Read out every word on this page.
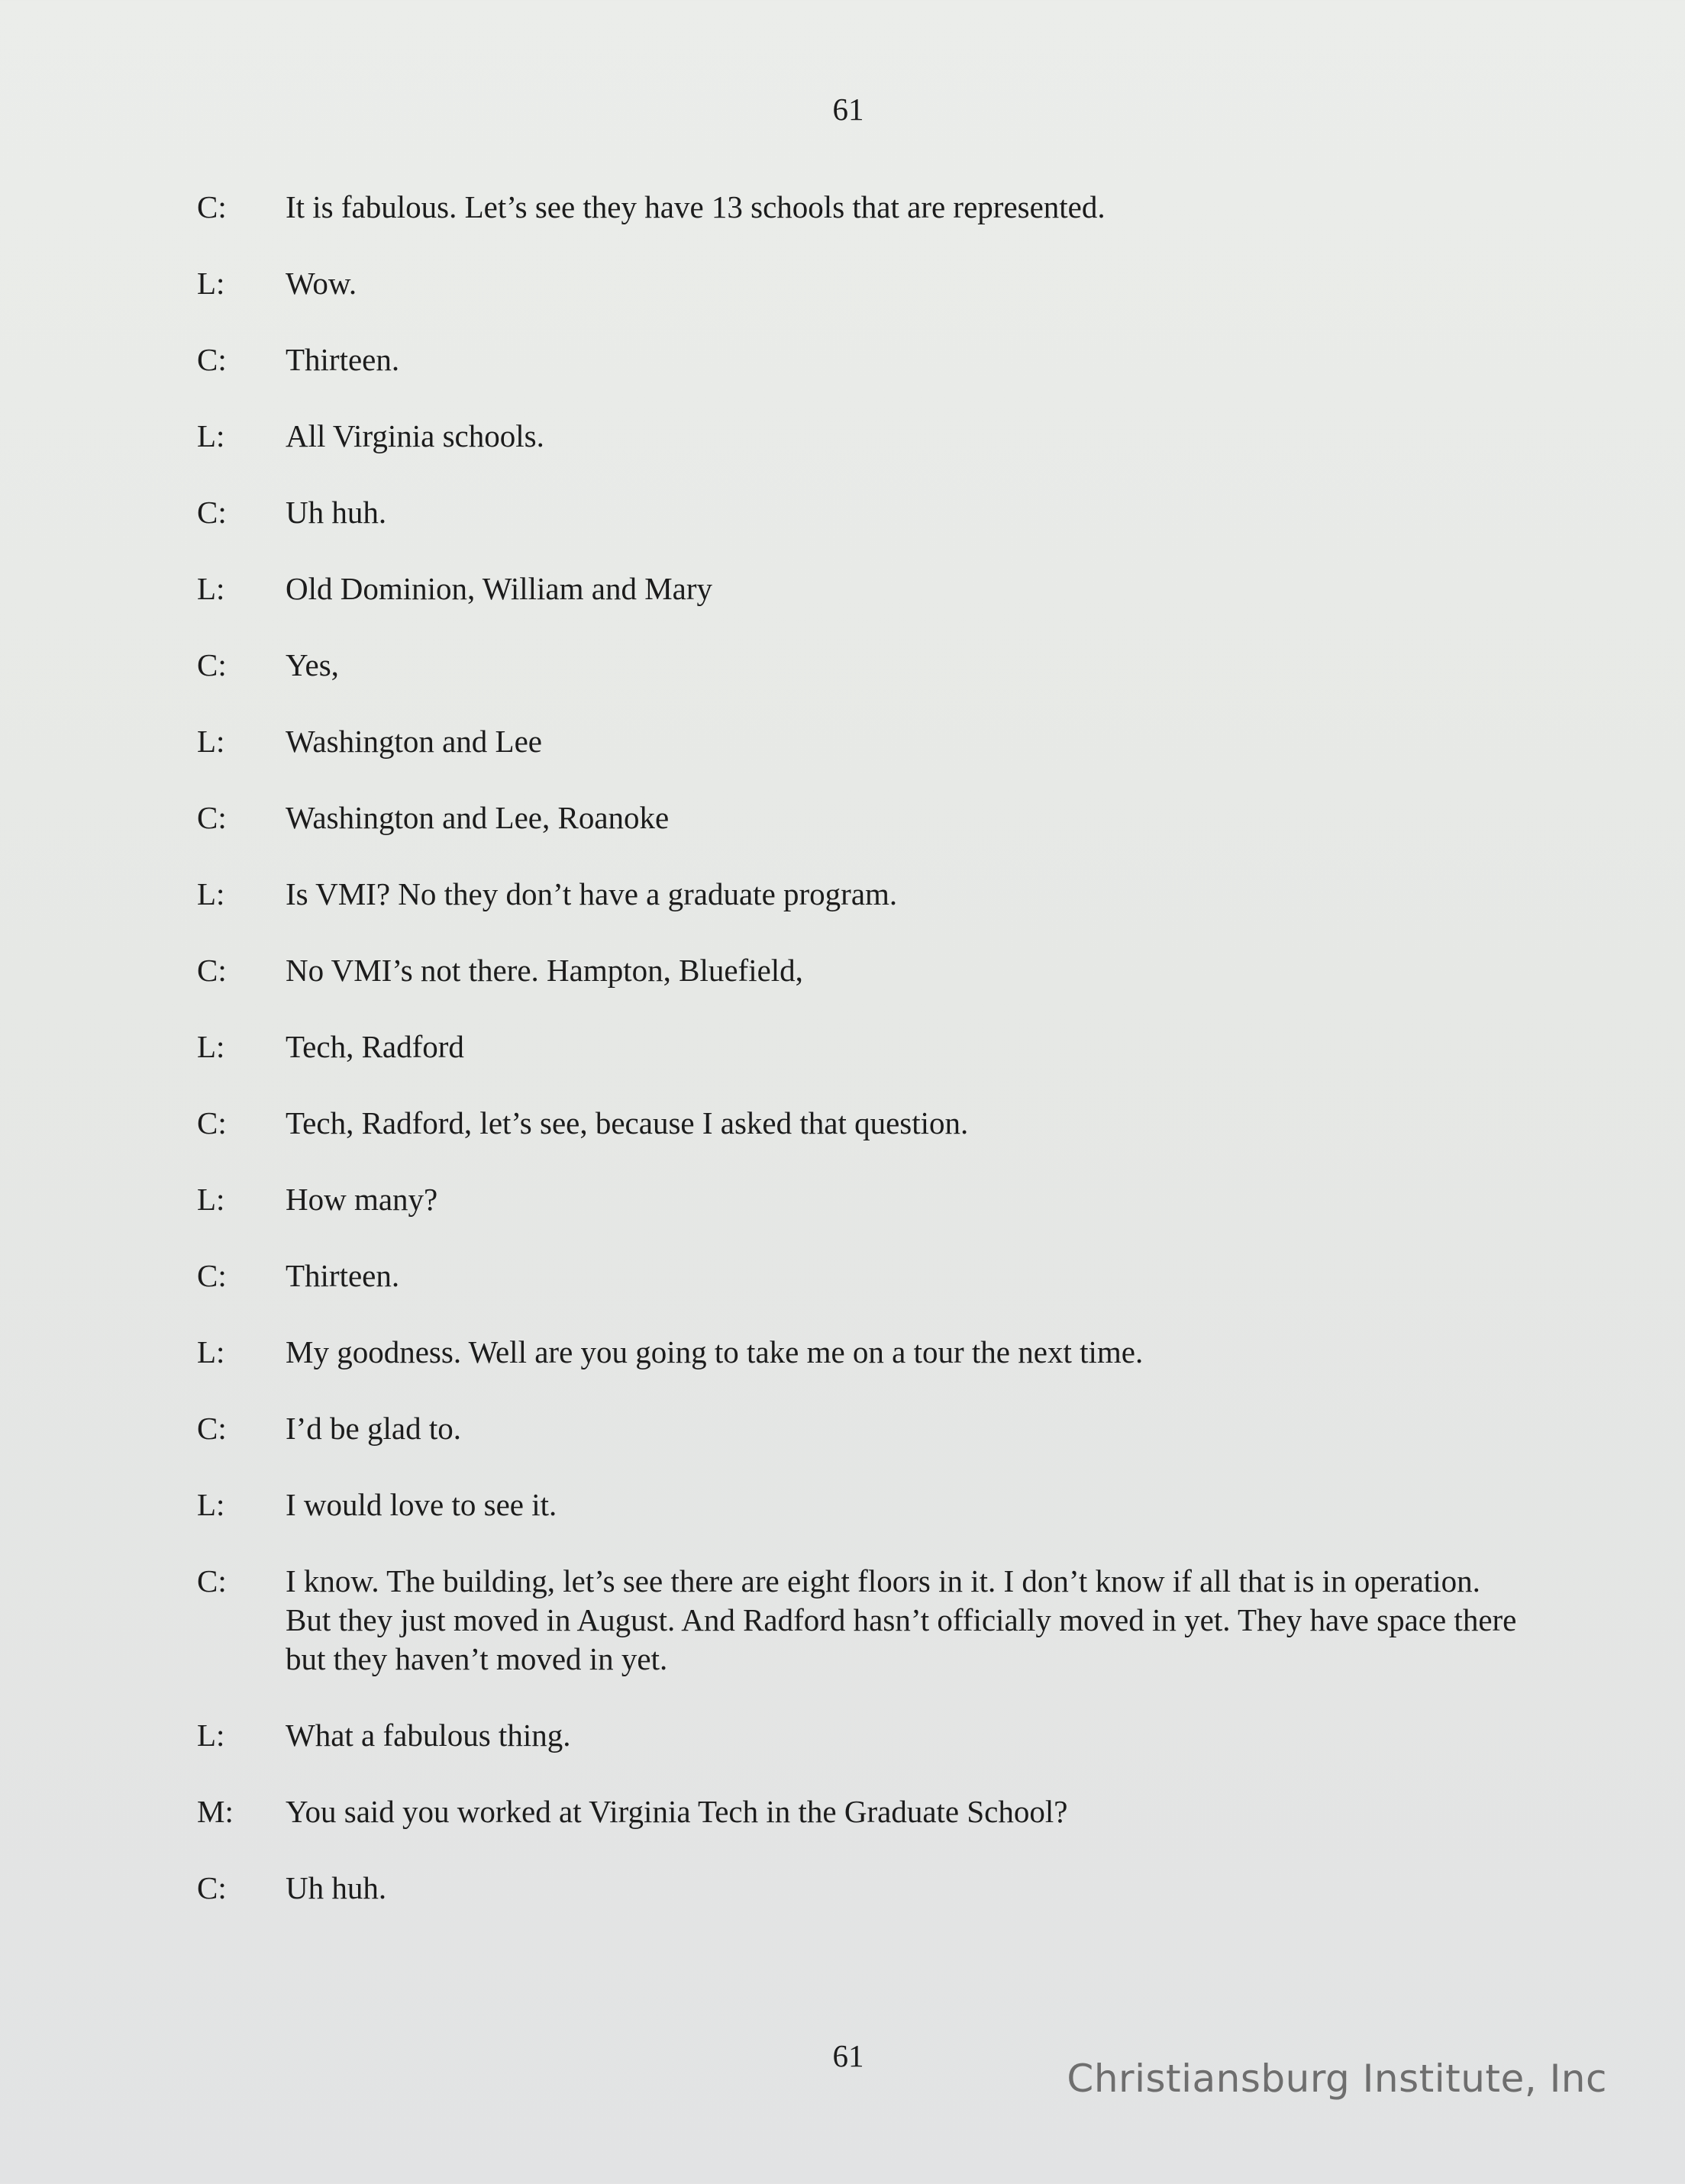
61
C:	It is fabulous. Let’s see they have 13 schools that are represented.
L:	Wow.
C:	Thirteen.
L:	All Virginia schools.
C:	Uh huh.
L:	Old Dominion, William and Mary
C:	Yes,
L:	Washington and Lee
C:	Washington and Lee, Roanoke
L:	Is VMI? No they don’t have a graduate program.
C:	No VMI’s not there. Hampton, Bluefield,
L:	Tech, Radford
C:	Tech, Radford, let’s see, because I asked that question.
L:	How many?
C:	Thirteen.
L:	My goodness. Well are you going to take me on a tour the next time.
C:	I’d be glad to.
L:	I would love to see it.
C:	I know. The building, let’s see there are eight floors in it. I don’t know if all that is in operation. But they just moved in August. And Radford hasn’t officially moved in yet. They have space there but they haven’t moved in yet.
L:	What a fabulous thing.
M:	You said you worked at Virginia Tech in the Graduate School?
C:	Uh huh.
61
Christiansburg Institute, Inc
